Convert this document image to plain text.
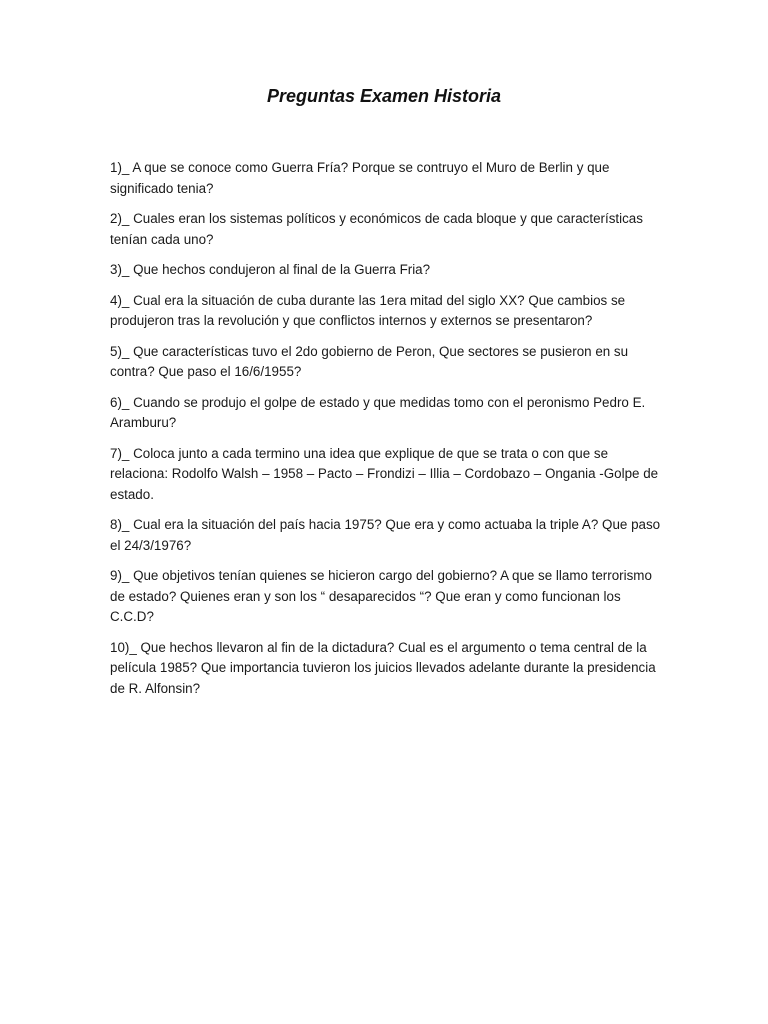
Preguntas Examen Historia
1)_ A que se conoce como Guerra Fría? Porque se contruyo el Muro de Berlin y que significado tenia?
2)_ Cuales eran los sistemas políticos y económicos de cada bloque y que características tenían cada uno?
3)_ Que hechos condujeron al final de la Guerra Fria?
4)_ Cual era la situación de cuba durante las 1era mitad del siglo XX? Que cambios se produjeron tras la revolución y que conflictos internos y externos se presentaron?
5)_ Que características tuvo el 2do gobierno de Peron, Que sectores se pusieron en su contra? Que paso el 16/6/1955?
6)_ Cuando se produjo el golpe de estado y que medidas tomo con el peronismo Pedro E. Aramburu?
7)_ Coloca junto a cada termino una idea que explique de que se trata o con que se relaciona: Rodolfo Walsh – 1958 – Pacto – Frondizi – Illia – Cordobazo – Ongania -Golpe de estado.
8)_ Cual era la situación del país hacia 1975? Que era y como actuaba la triple A? Que paso el 24/3/1976?
9)_ Que objetivos tenían quienes se hicieron cargo del gobierno? A que se llamo terrorismo de estado? Quienes eran y son los “ desaparecidos “? Que eran y como funcionan los C.C.D?
10)_ Que hechos llevaron al fin de la dictadura? Cual es el argumento o tema central de la película 1985? Que importancia tuvieron los juicios llevados adelante durante la presidencia de R. Alfonsin?
